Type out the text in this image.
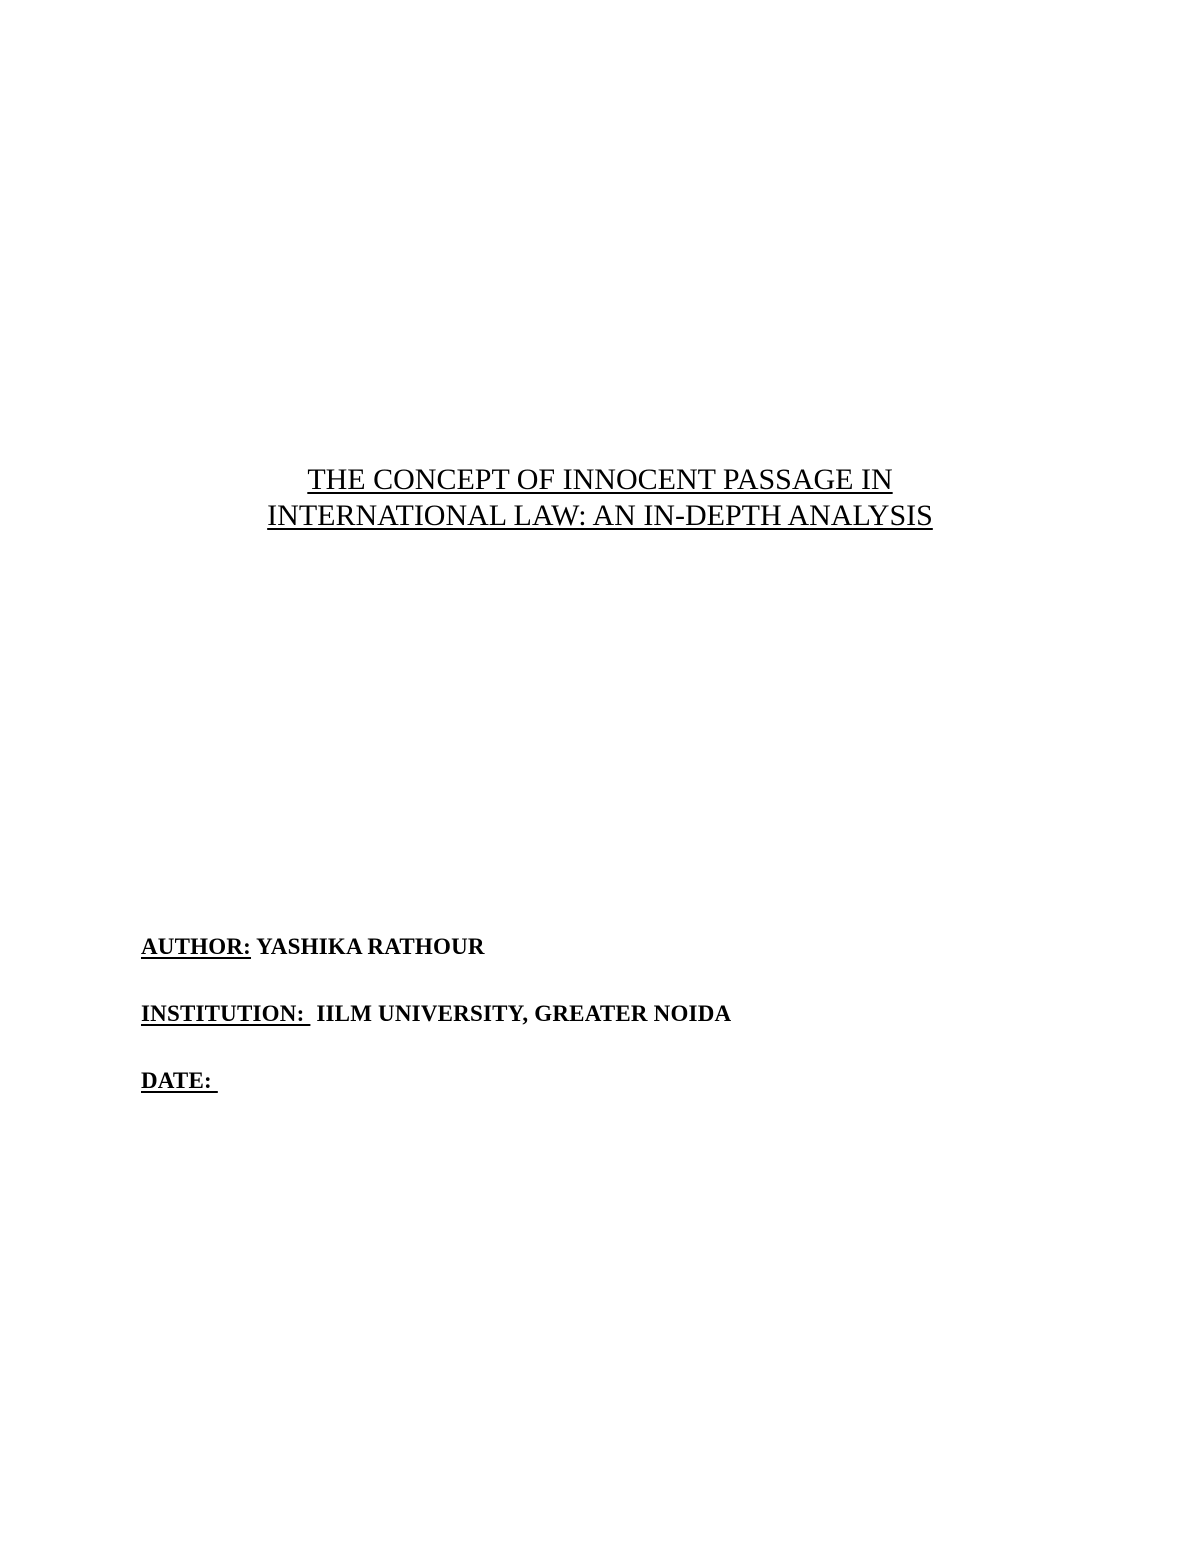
THE CONCEPT OF INNOCENT PASSAGE IN
INTERNATIONAL LAW: AN IN-DEPTH ANALYSIS
AUTHOR: YASHIKA RATHOUR
INSTITUTION:  IILM UNIVERSITY, GREATER NOIDA
DATE:
